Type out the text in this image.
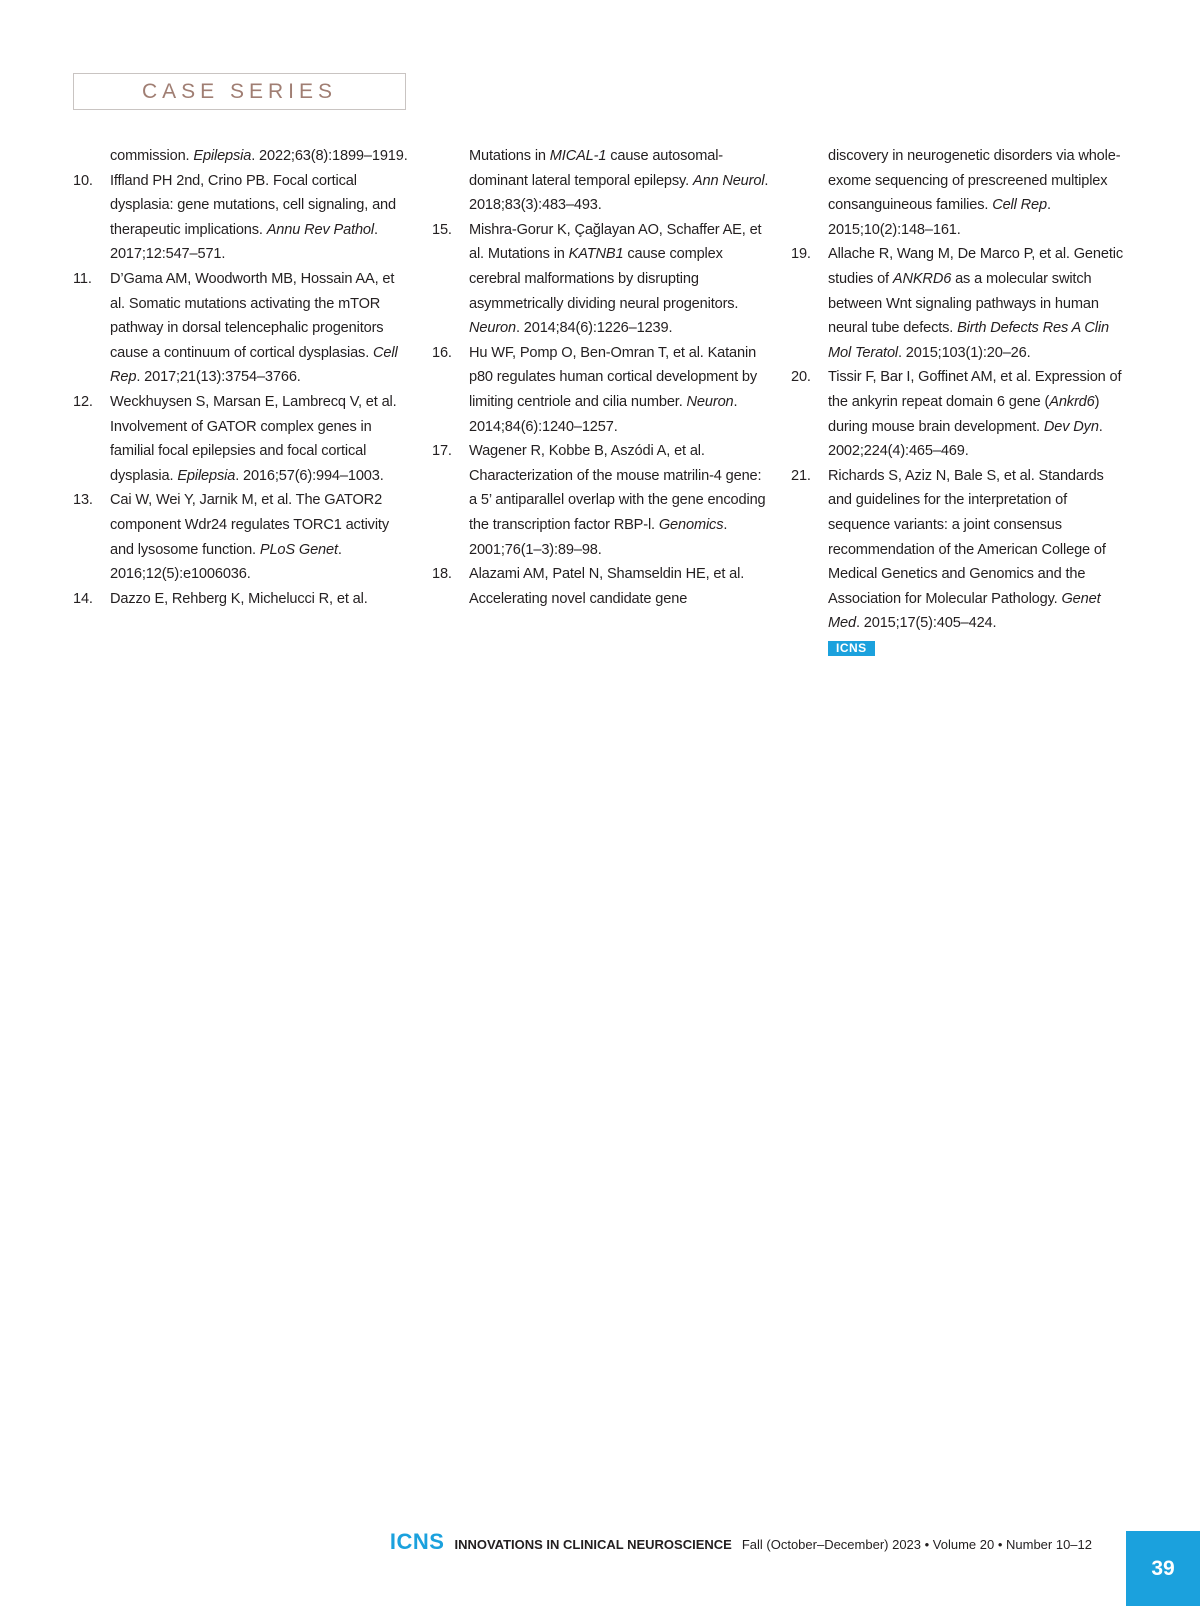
CASE SERIES
commission. Epilepsia. 2022;63(8):1899–1919.
10. Iffland PH 2nd, Crino PB. Focal cortical dysplasia: gene mutations, cell signaling, and therapeutic implications. Annu Rev Pathol. 2017;12:547–571.
11. D’Gama AM, Woodworth MB, Hossain AA, et al. Somatic mutations activating the mTOR pathway in dorsal telencephalic progenitors cause a continuum of cortical dysplasias. Cell Rep. 2017;21(13):3754–3766.
12. Weckhuysen S, Marsan E, Lambrecq V, et al. Involvement of GATOR complex genes in familial focal epilepsies and focal cortical dysplasia. Epilepsia. 2016;57(6):994–1003.
13. Cai W, Wei Y, Jarnik M, et al. The GATOR2 component Wdr24 regulates TORC1 activity and lysosome function. PLoS Genet. 2016;12(5):e1006036.
14. Dazzo E, Rehberg K, Michelucci R, et al.
Mutations in MICAL-1 cause autosomal-dominant lateral temporal epilepsy. Ann Neurol. 2018;83(3):483–493.
15. Mishra-Gorur K, Çağlayan AO, Schaffer AE, et al. Mutations in KATNB1 cause complex cerebral malformations by disrupting asymmetrically dividing neural progenitors. Neuron. 2014;84(6):1226–1239.
16. Hu WF, Pomp O, Ben-Omran T, et al. Katanin p80 regulates human cortical development by limiting centriole and cilia number. Neuron. 2014;84(6):1240–1257.
17. Wagener R, Kobbe B, Aszódi A, et al. Characterization of the mouse matrilin-4 gene: a 5’ antiparallel overlap with the gene encoding the transcription factor RBP-l. Genomics. 2001;76(1–3):89–98.
18. Alazami AM, Patel N, Shamseldin HE, et al. Accelerating novel candidate gene
discovery in neurogenetic disorders via whole-exome sequencing of prescreened multiplex consanguineous families. Cell Rep. 2015;10(2):148–161.
19. Allache R, Wang M, De Marco P, et al. Genetic studies of ANKRD6 as a molecular switch between Wnt signaling pathways in human neural tube defects. Birth Defects Res A Clin Mol Teratol. 2015;103(1):20–26.
20. Tissir F, Bar I, Goffinet AM, et al. Expression of the ankyrin repeat domain 6 gene (Ankrd6) during mouse brain development. Dev Dyn. 2002;224(4):465–469.
21. Richards S, Aziz N, Bale S, et al. Standards and guidelines for the interpretation of sequence variants: a joint consensus recommendation of the American College of Medical Genetics and Genomics and the Association for Molecular Pathology. Genet Med. 2015;17(5):405–424.
ICNS
ICNS INNOVATIONS IN CLINICAL NEUROSCIENCE Fall (October–December) 2023 • Volume 20 • Number 10–12
39
